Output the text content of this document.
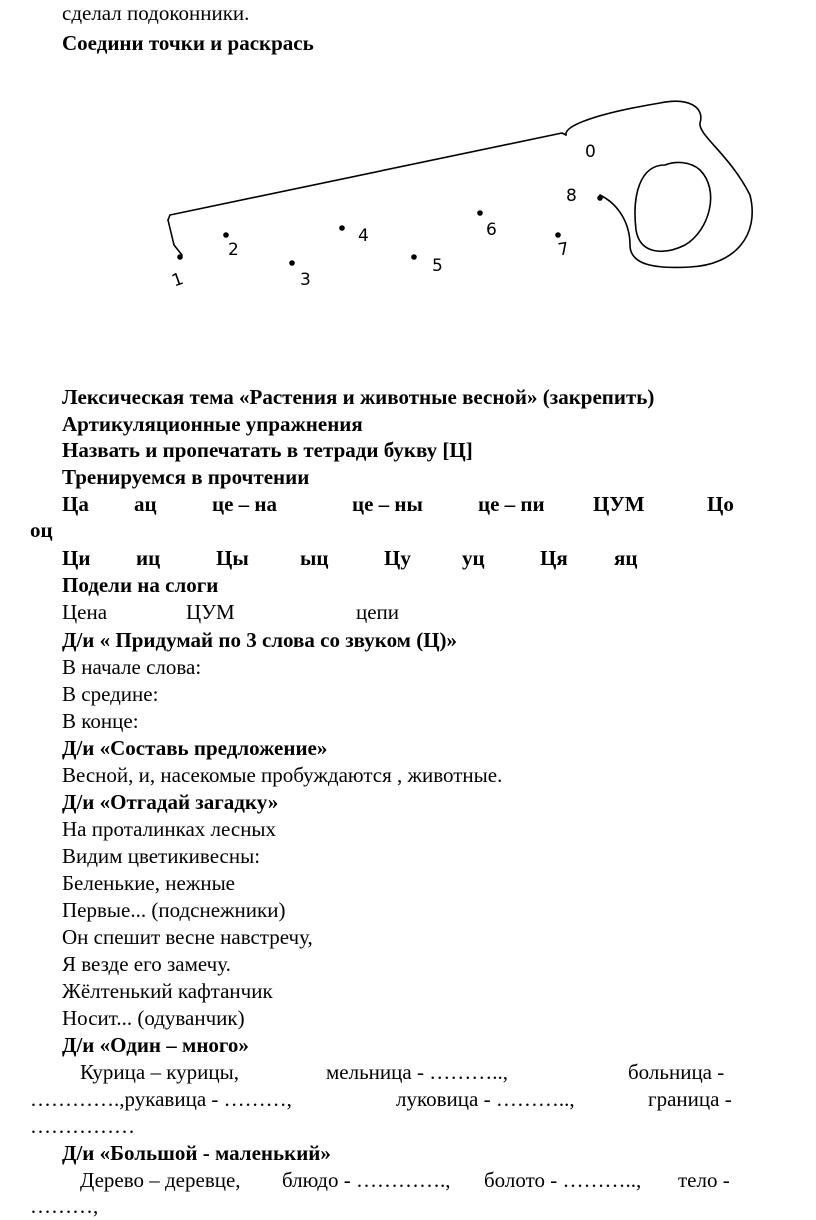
сделал подоконники.
Соедини точки и раскрась
1
2
3
4
5
6
7
8
0
Лексическая тема «Растения и животные весной» (закрепить)
Артикуляционные упражнения
Назвать и пропечатать в тетради букву [Ц]
Тренируемся в прочтении
Ца ац	це – на	це – ны	це – пи ЦУМ	Цо
оц
Ци иц	Цы ыц	Цу уц	Ця яц
Подели на слоги
Цена	ЦУМ	цепи
Д/и « Придумай по 3 слова со звуком (Ц)»
В начале слова:
В средине:
В конце:
Д/и «Составь предложение»
Весной, и, насекомые пробуждаются , животные.
Д/и «Отгадай загадку»
На проталинках лесных
Видим цветикивесны:
Беленькие, нежные
Первые... (подснежники)
Он спешит весне навстречу,
Я везде его замечу.
Жёлтенький кафтанчик
Носит... (одуванчик)
Д/и «Один – много»
Курица – курицы,	мельница - ………..,	больница -
………….,рукавица - ………,	луковица - ………..,	граница -
……………
Д/и «Большой - маленький»
Дерево – деревце, блюдо - …………., болото - ……….., тело -
………,
